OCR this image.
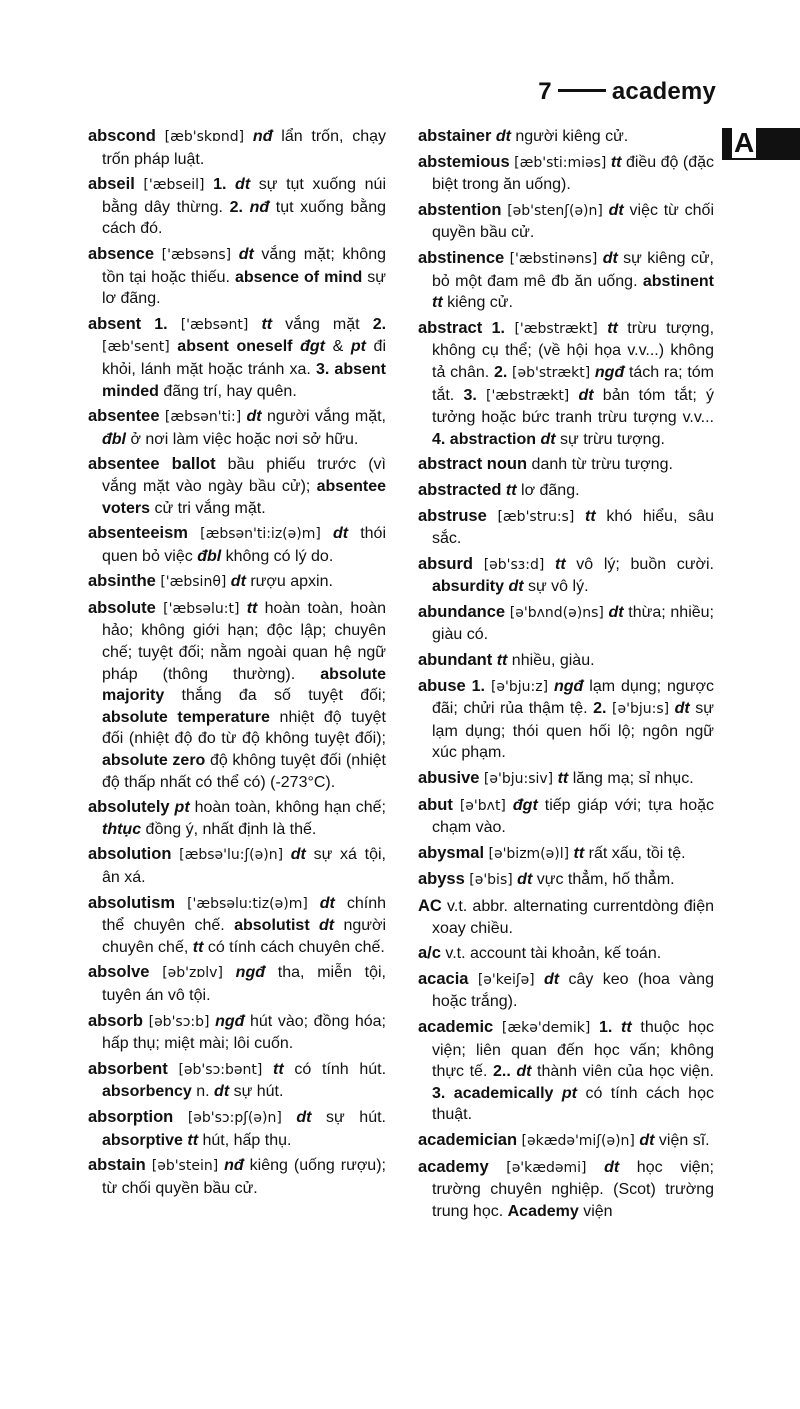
7	academy
A
abscond [æb'skɒnd] nđ lẩn trốn, chạy trốn pháp luật.
abseil ['æbseil] 1. dt sự tụt xuống núi bằng dây thừng. 2. nđ tụt xuống bằng cách đó.
absence ['æbsəns] dt vắng mặt; không tồn tại hoặc thiếu. absence of mind sự lơ đãng.
absent 1. ['æbsənt] tt vắng mặt 2. [æb'sent] absent oneself đgt & pt đi khỏi, lánh mặt hoặc tránh xa. 3. absent minded đãng trí, hay quên.
absentee [æbsən'ti:] dt người vắng mặt, đbl ở nơi làm việc hoặc nơi sở hữu.
absentee ballot bầu phiếu trước (vì vắng mặt vào ngày bầu cử); absentee voters cử tri vắng mặt.
absenteeism [æbsən'ti:iz(ə)m] dt thói quen bỏ việc đbl không có lý do.
absinthe ['æbsinθ] dt rượu apxin.
absolute ['æbsəlu:t] tt hoàn toàn, hoàn hảo; không giới hạn; độc lập; chuyên chế; tuyệt đối; nằm ngoài quan hệ ngữ pháp (thông thường). absolute majority thắng đa số tuyệt đối; absolute temperature nhiệt độ tuyệt đối (nhiệt độ đo từ độ không tuyệt đối); absolute zero độ không tuyệt đối (nhiệt độ thấp nhất có thể có) (-273°C).
absolutely pt hoàn toàn, không hạn chế; thtục đồng ý, nhất định là thế.
absolution [æbsə'lu:ʃ(ə)n] dt sự xá tội, ân xá.
absolutism ['æbsəlu:tiz(ə)m] dt chính thể chuyên chế. absolutist dt người chuyên chế, tt có tính cách chuyên chế.
absolve [əb'zɒlv] ngđ tha, miễn tội, tuyên án vô tội.
absorb [əb'sɔ:b] ngđ hút vào; đồng hóa; hấp thụ; miệt mài; lôi cuốn.
absorbent [əb'sɔ:bənt] tt có tính hút. absorbency n. dt sự hút.
absorption [əb'sɔ:pʃ(ə)n] dt sự hút. absorptive tt hút, hấp thụ.
abstain [əb'stein] nđ kiêng (uống rượu); từ chối quyền bầu cử.
abstainer dt người kiêng cử.
abstemious [æb'sti:miəs] tt điều độ (đặc biệt trong ăn uống).
abstention [əb'stenʃ(ə)n] dt việc từ chối quyền bầu cử.
abstinence ['æbstinəns] dt sự kiêng cử, bỏ một đam mê đb ăn uống. abstinent tt kiêng cử.
abstract 1. ['æbstrækt] tt trừu tượng, không cụ thể; (về hội họa v.v...) không tả chân. 2. [əb'strækt] ngđ tách ra; tóm tắt. 3. ['æbstrækt] dt bản tóm tắt; ý tưởng hoặc bức tranh trừu tượng v.v... 4. abstraction dt sự trừu tượng.
abstract noun danh từ trừu tượng.
abstracted tt lơ đãng.
abstruse [æb'stru:s] tt khó hiểu, sâu sắc.
absurd [əb'sɜ:d] tt vô lý; buồn cười. absurdity dt sự vô lý.
abundance [ə'bʌnd(ə)ns] dt thừa; nhiều; giàu có.
abundant tt nhiều, giàu.
abuse 1. [ə'bju:z] ngđ lạm dụng; ngược đãi; chửi rủa thậm tệ. 2. [ə'bju:s] dt sự lạm dụng; thói quen hối lộ; ngôn ngữ xúc phạm.
abusive [ə'bju:siv] tt lăng mạ; sỉ nhục.
abut [ə'bʌt] đgt tiếp giáp với; tựa hoặc chạm vào.
abysmal [ə'bizm(ə)l] tt rất xấu, tồi tệ.
abyss [ə'bis] dt vực thẳm, hố thẳm.
AC v.t. abbr. alternating currentdòng điện xoay chiều.
a/c v.t. account tài khoản, kế toán.
acacia [ə'keiʃə] dt cây keo (hoa vàng hoặc trắng).
academic [ækə'demik] 1. tt thuộc học viện; liên quan đến học vấn; không thực tế. 2.. dt thành viên của học viện. 3. academically pt có tính cách học thuật.
academician [əkædə'miʃ(ə)n] dt viện sĩ.
academy [ə'kædəmi] dt học viện; trường chuyên nghiệp. (Scot) trường trung học. Academy viện
